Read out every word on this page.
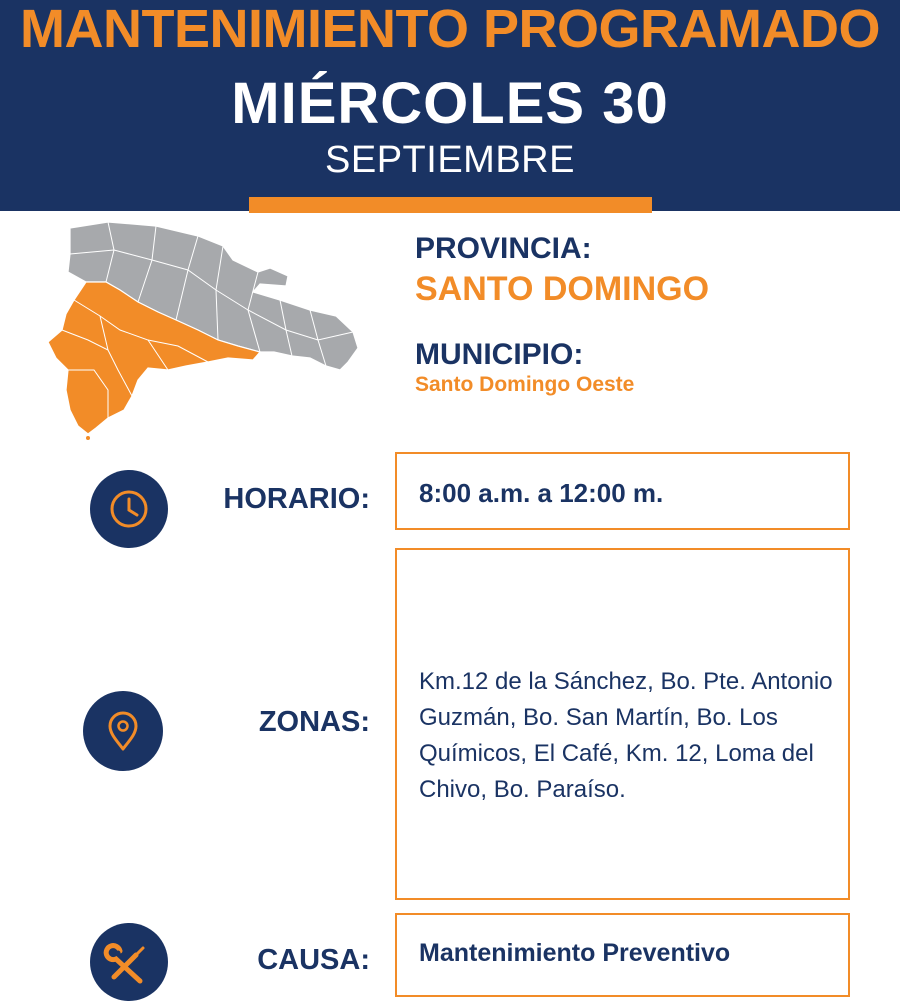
MANTENIMIENTO PROGRAMADO
MIÉRCOLES 30
SEPTIEMBRE
PROVINCIA:
SANTO DOMINGO
MUNICIPIO:
Santo Domingo Oeste
HORARIO: 8:00 a.m. a 12:00 m.
ZONAS:
Km.12 de la Sánchez, Bo. Pte. Antonio Guzmán, Bo. San Martín, Bo. Los Químicos, El Café, Km. 12, Loma del Chivo, Bo. Paraíso.
CAUSA: Mantenimiento Preventivo
